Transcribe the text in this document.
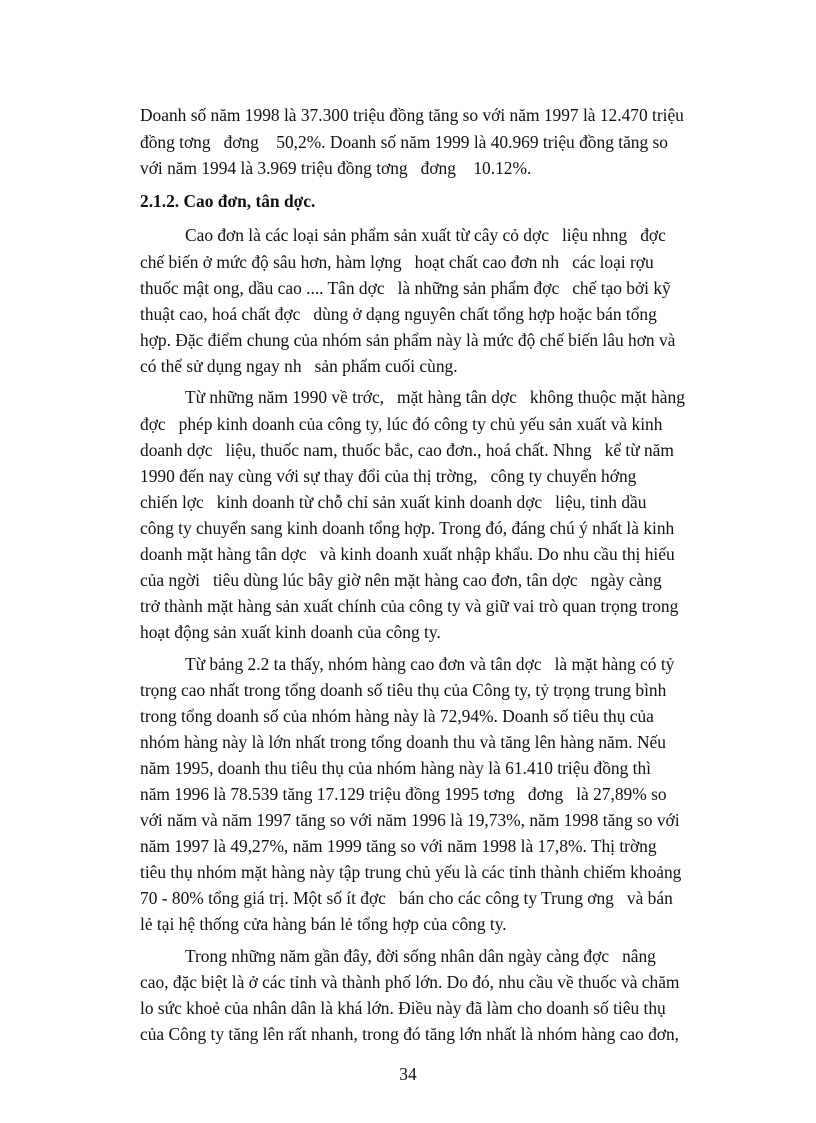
Doanh số năm 1998 là 37.300 triệu đồng tăng so với năm 1997 là 12.470 triệu
đồng tơng   đơng    50,2%. Doanh số năm 1999 là 40.969 triệu đồng tăng so
với năm 1994 là 3.969 triệu đồng tơng   đơng    10.12%.
2.1.2. Cao đơn, tân dợc.
Cao đơn là các loại sản phẩm sản xuất từ cây cỏ dợc   liệu nhng   đợc
chế biến ở mức độ sâu hơn, hàm lợng   hoạt chất cao đơn nh   các loại rợu
thuốc mật ong, dầu cao .... Tân dợc   là những sản phẩm đợc   chế tạo bởi kỹ
thuật cao, hoá chất đợc   dùng ở dạng nguyên chất tổng hợp hoặc bán tổng
hợp. Đặc điểm chung của nhóm sản phẩm này là mức độ chế biến lâu hơn và
có thể sử dụng ngay nh   sản phẩm cuối cùng.
Từ những năm 1990 về trớc,   mặt hàng tân dợc   không thuộc mặt hàng
đợc   phép kinh doanh của công ty, lúc đó công ty chủ yếu sản xuất và kinh
doanh dợc   liệu, thuốc nam, thuốc bắc, cao đơn., hoá chất. Nhng   kể từ năm
1990 đến nay cùng với sự thay đổi của thị trờng,   công ty chuyển hớng
chiến lợc   kinh doanh từ chỗ chỉ sản xuất kinh doanh dợc   liệu, tinh dầu
công ty chuyển sang kinh doanh tổng hợp. Trong đó, đáng chú ý nhất là kinh
doanh mặt hàng tân dợc   và kinh doanh xuất nhập khẩu. Do nhu cầu thị hiếu
của ngời   tiêu dùng lúc bây giờ nên mặt hàng cao đơn, tân dợc   ngày càng
trở thành mặt hàng sản xuất chính của công ty và giữ vai trò quan trọng trong
hoạt động sản xuất kinh doanh của công ty.
Từ bảng 2.2 ta thấy, nhóm hàng cao đơn và tân dợc   là mặt hàng có tỷ
trọng cao nhất trong tổng doanh số tiêu thụ của Công ty, tỷ trọng trung bình
trong tổng doanh số của nhóm hàng này là 72,94%. Doanh số tiêu thụ của
nhóm hàng này là lớn nhất trong tổng doanh thu và tăng lên hàng năm. Nếu
năm 1995, doanh thu tiêu thụ của nhóm hàng này là 61.410 triệu đồng thì
năm 1996 là 78.539 tăng 17.129 triệu đồng 1995 tơng   đơng   là 27,89% so
với năm và năm 1997 tăng so với năm 1996 là 19,73%, năm 1998 tăng so với
năm 1997 là 49,27%, năm 1999 tăng so với năm 1998 là 17,8%. Thị trờng
tiêu thụ nhóm mặt hàng này tập trung chủ yếu là các tỉnh thành chiếm khoảng
70 - 80% tổng giá trị. Một số ít đợc   bán cho các công ty Trung ơng   và bán
lẻ tại hệ thống cửa hàng bán lẻ tổng hợp của công ty.
Trong những năm gần đây, đời sống nhân dân ngày càng đợc   nâng
cao, đặc biệt là ở các tỉnh và thành phố lớn. Do đó, nhu cầu về thuốc và chăm
lo sức khoẻ của nhân dân là khá lớn. Điều này đã làm cho doanh số tiêu thụ
của Công ty tăng lên rất nhanh, trong đó tăng lớn nhất là nhóm hàng cao đơn,
34
